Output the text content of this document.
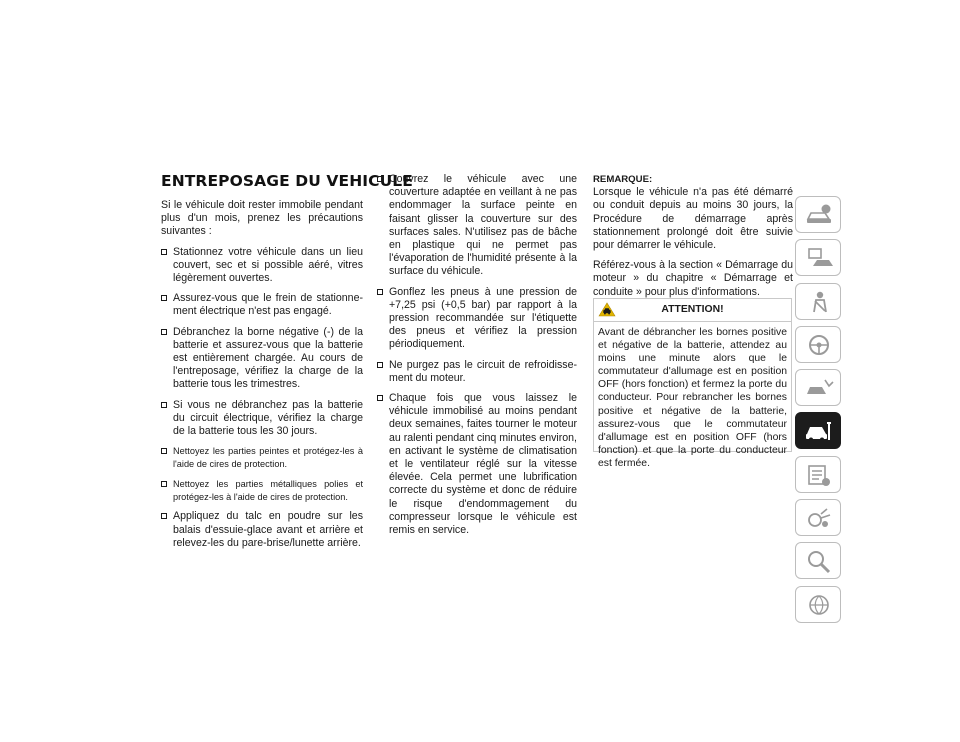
ENTREPOSAGE DU VEHICULE

Si le véhicule doit rester immobile pendant plus d'un mois, prenez les précautions suivantes :

Stationnez votre véhicule dans un lieu couvert, sec et si possible aéré, vitres légèrement ouvertes.
Assurez-vous que le frein de stationnement électrique n'est pas engagé.
Débranchez la borne négative (-) de la batterie et assurez-vous que la batterie est entièrement chargée. Au cours de l'entreposage, vérifiez la charge de la batterie tous les trimestres.
Si vous ne débranchez pas la batterie du circuit électrique, vérifiez la charge de la batterie tous les 30 jours.
Nettoyez les parties peintes et protégez-les à l'aide de cires de protection.
Nettoyez les parties métalliques polies et protégez-les à l'aide de cires de protection.
Appliquez du talc en poudre sur les balais d'essuie-glace avant et arrière et relevez-les du pare-brise/lunette arrière.
Couvrez le véhicule avec une couverture adaptée en veillant à ne pas endommager la surface peinte en faisant glisser la couverture sur des surfaces sales. N'utilisez pas de bâche en plastique qui ne permet pas l'évaporation de l'humidité présente à la surface du véhicule.
Gonflez les pneus à une pression de +7,25 psi (+0,5 bar) par rapport à la pression recommandée sur l'étiquette des pneus et vérifiez la pression périodiquement.
Ne purgez pas le circuit de refroidissement du moteur.
Chaque fois que vous laissez le véhicule immobilisé au moins pendant deux semaines, faites tourner le moteur au ralenti pendant cinq minutes environ, en activant le système de climatisation et le ventilateur réglé sur la vitesse élevée. Cela permet une lubrification correcte du système et donc de réduire le risque d'endommagement du compresseur lorsque le véhicule est remis en service.

REMARQUE:

Lorsque le véhicule n'a pas été démarré ou conduit depuis au moins 30 jours, la Procédure de démarrage après stationnement prolongé doit être suivie pour démarrer le véhicule.

Référez-vous à la section « Démarrage du moteur » du chapitre « Démarrage et conduite » pour plus d'informations.

ATTENTION!
Avant de débrancher les bornes positive et négative de la batterie, attendez au moins une minute alors que le commutateur d'allumage est en position OFF (hors fonction) et fermez la porte du conducteur. Pour rebrancher les bornes positive et négative de la batterie, assurez-vous que le commutateur d'allumage est en position OFF (hors fonction) et que la porte du conducteur est fermée.
